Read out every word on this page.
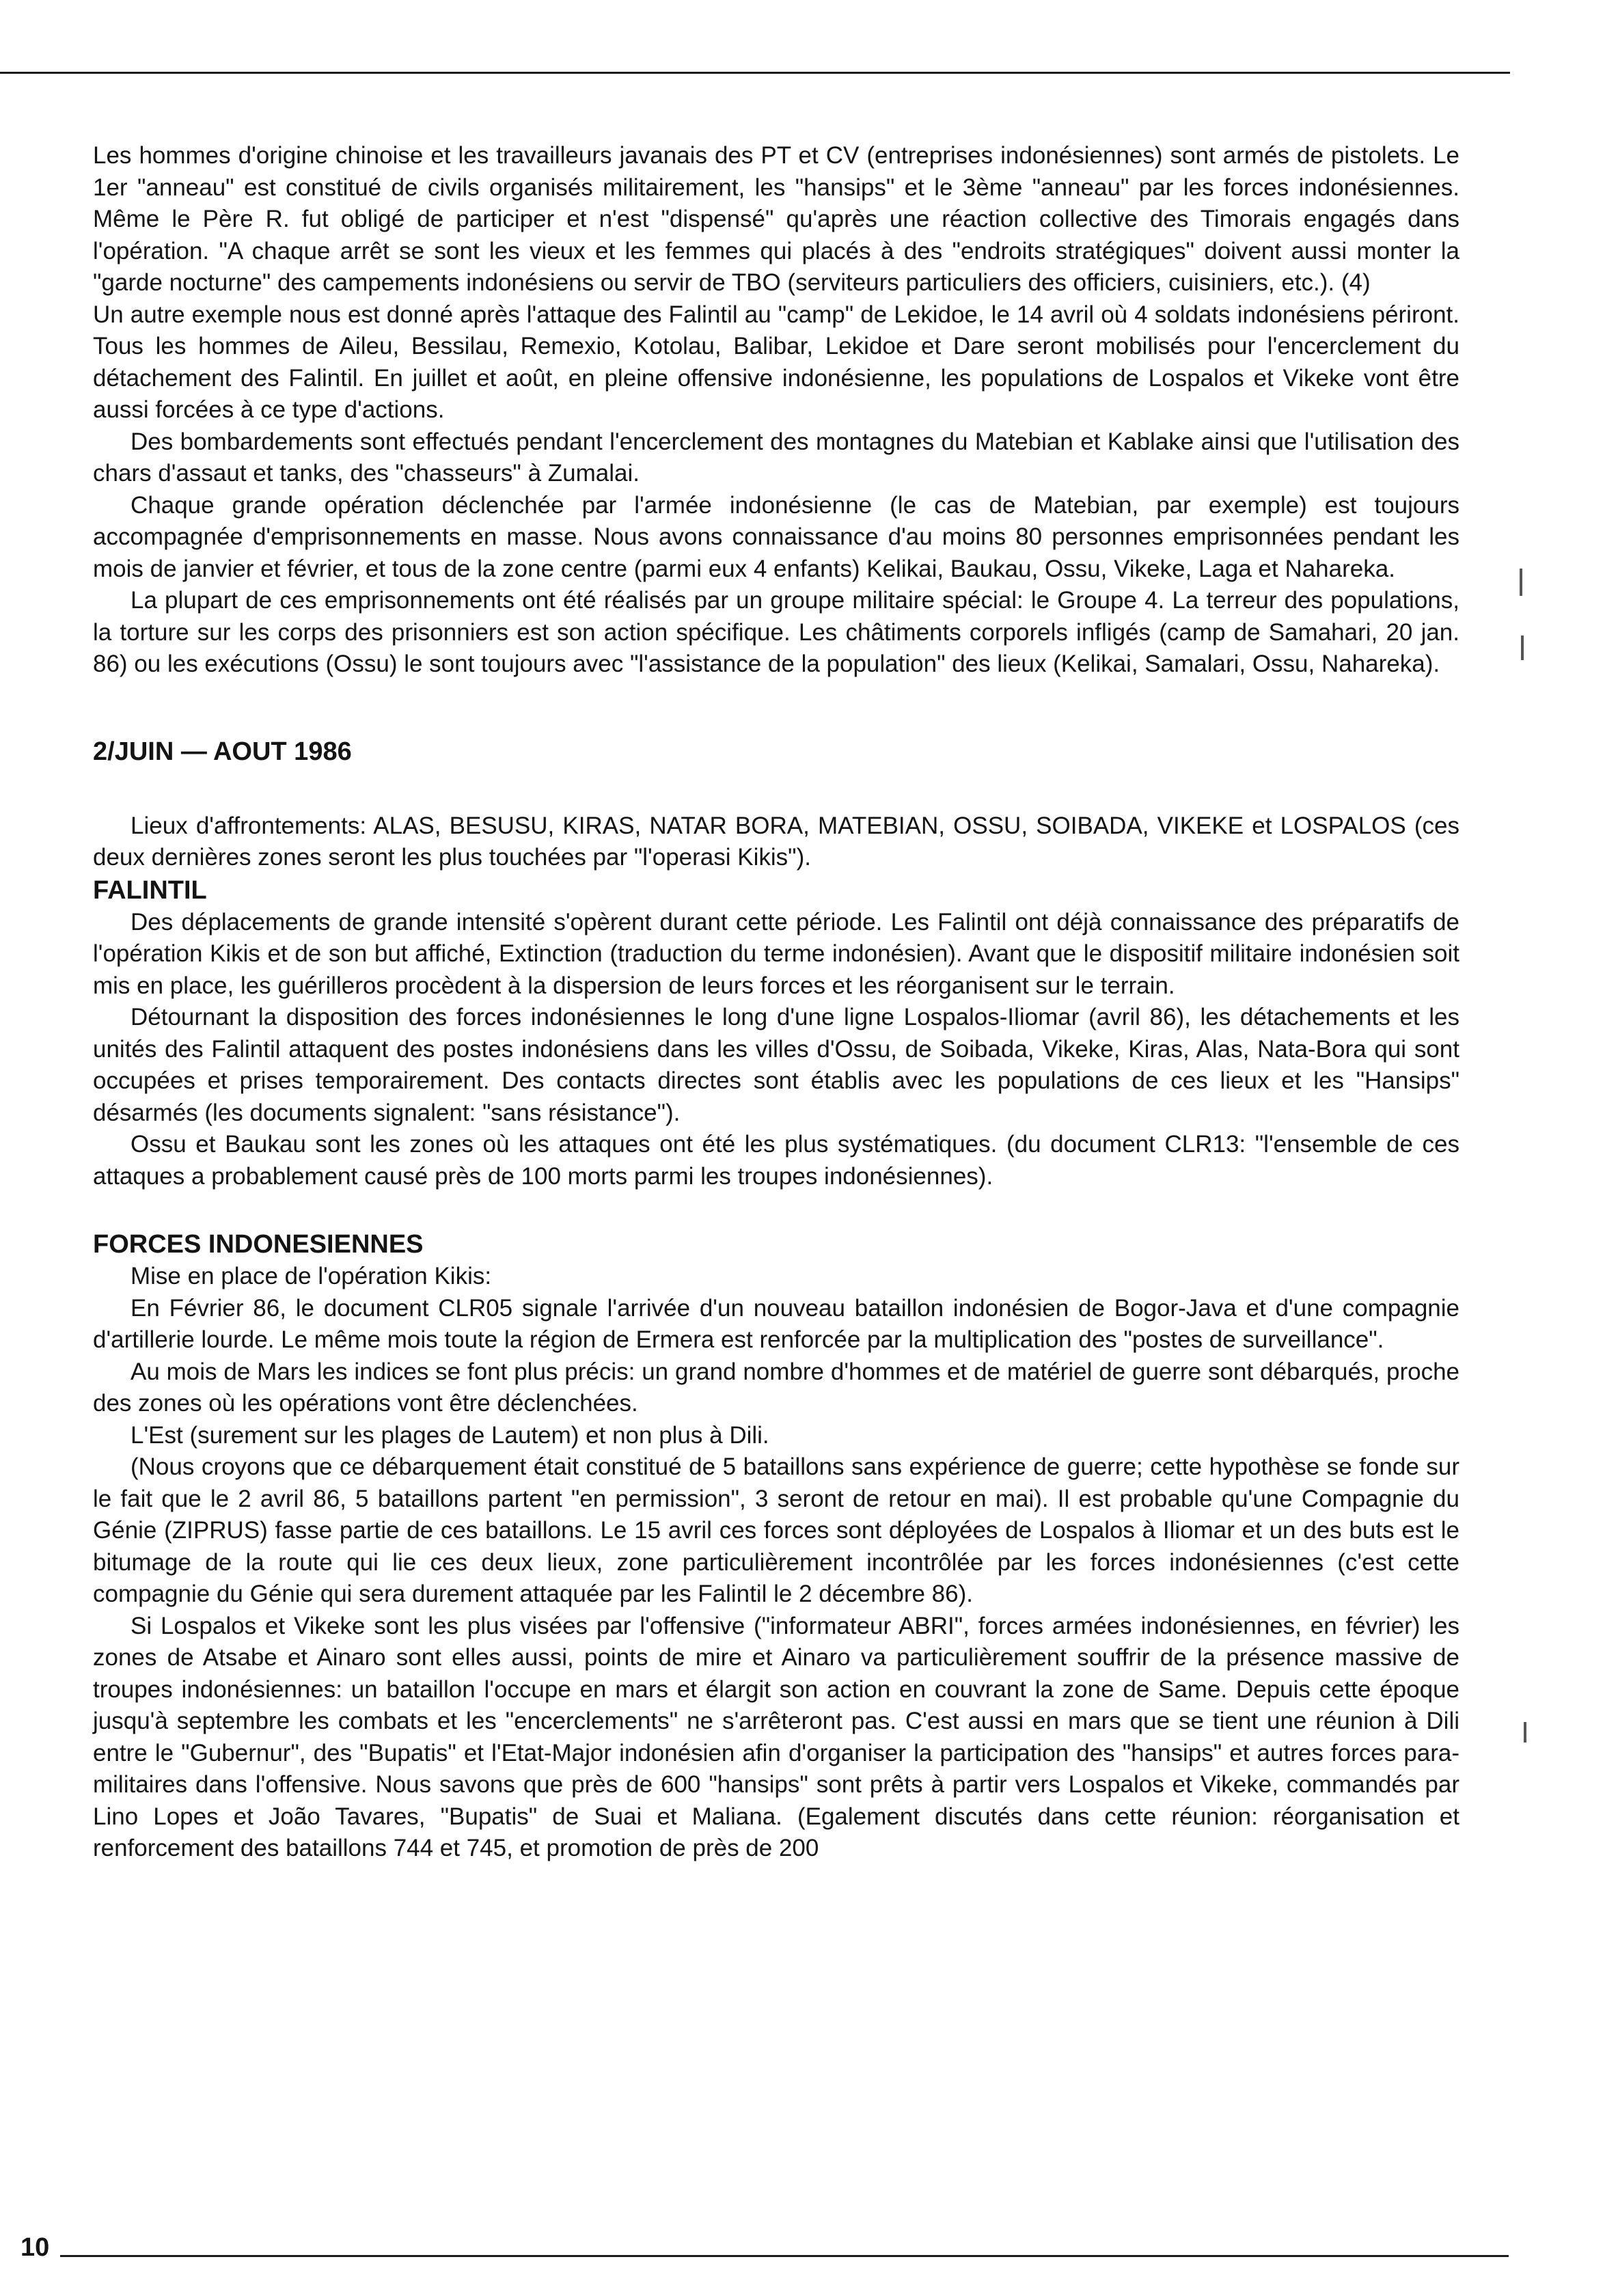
Les hommes d'origine chinoise et les travailleurs javanais des PT et CV (entreprises indonésiennes) sont armés de pistolets. Le 1er "anneau" est constitué de civils organisés militairement, les "hansips" et le 3ème "anneau" par les forces indonésiennes. Même le Père R. fut obligé de participer et n'est "dispensé" qu'après une réaction collective des Timorais engagés dans l'opération. "A chaque arrêt se sont les vieux et les femmes qui placés à des "endroits stratégiques" doivent aussi monter la "garde nocturne" des campements indonésiens ou servir de TBO (serviteurs particuliers des officiers, cuisiniers, etc.). (4)

Un autre exemple nous est donné après l'attaque des Falintil au "camp" de Lekidoe, le 14 avril où 4 soldats indonésiens périront. Tous les hommes de Aileu, Bessilau, Remexio, Kotolau, Balibar, Lekidoe et Dare seront mobilisés pour l'encerclement du détachement des Falintil. En juillet et août, en pleine offensive indonésienne, les populations de Lospalos et Vikeke vont être aussi forcées à ce type d'actions.

Des bombardements sont effectués pendant l'encerclement des montagnes du Matebian et Kablake ainsi que l'utilisation des chars d'assaut et tanks, des "chasseurs" à Zumalai.

Chaque grande opération déclenchée par l'armée indonésienne (le cas de Matebian, par exemple) est toujours accompagnée d'emprisonnements en masse. Nous avons connaissance d'au moins 80 personnes emprisonnées pendant les mois de janvier et février, et tous de la zone centre (parmi eux 4 enfants) Kelikai, Baukau, Ossu, Vikeke, Laga et Nahareka.

La plupart de ces emprisonnements ont été réalisés par un groupe militaire spécial: le Groupe 4. La terreur des populations, la torture sur les corps des prisonniers est son action spécifique. Les châtiments corporels infligés (camp de Samahari, 20 jan. 86) ou les exécutions (Ossu) le sont toujours avec "l'assistance de la population" des lieux (Kelikai, Samalari, Ossu, Nahareka).

2/JUIN — AOUT 1986

Lieux d'affrontements: ALAS, BESUSU, KIRAS, NATAR BORA, MATEBIAN, OSSU, SOIBADA, VIKEKE et LOSPALOS (ces deux dernières zones seront les plus touchées par "l'operasi Kikis").

FALINTIL

Des déplacements de grande intensité s'opèrent durant cette période. Les Falintil ont déjà connaissance des préparatifs de l'opération Kikis et de son but affiché, Extinction (traduction du terme indonésien). Avant que le dispositif militaire indonésien soit mis en place, les guérilleros procèdent à la dispersion de leurs forces et les réorganisent sur le terrain.

Détournant la disposition des forces indonésiennes le long d'une ligne Lospalos-Iliomar (avril 86), les détachements et les unités des Falintil attaquent des postes indonésiens dans les villes d'Ossu, de Soibada, Vikeke, Kiras, Alas, Nata-Bora qui sont occupées et prises temporairement. Des contacts directes sont établis avec les populations de ces lieux et les "Hansips" désarmés (les documents signalent: "sans résistance").

Ossu et Baukau sont les zones où les attaques ont été les plus systématiques. (du document CLR13: "l'ensemble de ces attaques a probablement causé près de 100 morts parmi les troupes indonésiennes).

FORCES INDONESIENNES

Mise en place de l'opération Kikis:

En Février 86, le document CLR05 signale l'arrivée d'un nouveau bataillon indonésien de Bogor-Java et d'une compagnie d'artillerie lourde. Le même mois toute la région de Ermera est renforcée par la multiplication des "postes de surveillance".

Au mois de Mars les indices se font plus précis: un grand nombre d'hommes et de matériel de guerre sont débarqués, proche des zones où les opérations vont être déclenchées.

L'Est (surement sur les plages de Lautem) et non plus à Dili.

(Nous croyons que ce débarquement était constitué de 5 bataillons sans expérience de guerre; cette hypothèse se fonde sur le fait que le 2 avril 86, 5 bataillons partent "en permission", 3 seront de retour en mai). Il est probable qu'une Compagnie du Génie (ZIPRUS) fasse partie de ces bataillons. Le 15 avril ces forces sont déployées de Lospalos à Iliomar et un des buts est le bitumage de la route qui lie ces deux lieux, zone particulièrement incontrôlée par les forces indonésiennes (c'est cette compagnie du Génie qui sera durement attaquée par les Falintil le 2 décembre 86).

Si Lospalos et Vikeke sont les plus visées par l'offensive ("informateur ABRI", forces armées indonésiennes, en février) les zones de Atsabe et Ainaro sont elles aussi, points de mire et Ainaro va particulièrement souffrir de la présence massive de troupes indonésiennes: un bataillon l'occupe en mars et élargit son action en couvrant la zone de Same. Depuis cette époque jusqu'à septembre les combats et les "encerclements" ne s'arrêteront pas. C'est aussi en mars que se tient une réunion à Dili entre le "Gubernur", des "Bupatis" et l'Etat-Major indonésien afin d'organiser la participation des "hansips" et autres forces para-militaires dans l'offensive. Nous savons que près de 600 "hansips" sont prêts à partir vers Lospalos et Vikeke, commandés par Lino Lopes et João Tavares, "Bupatis" de Suai et Maliana. (Egalement discutés dans cette réunion: réorganisation et renforcement des bataillons 744 et 745, et promotion de près de 200

10
